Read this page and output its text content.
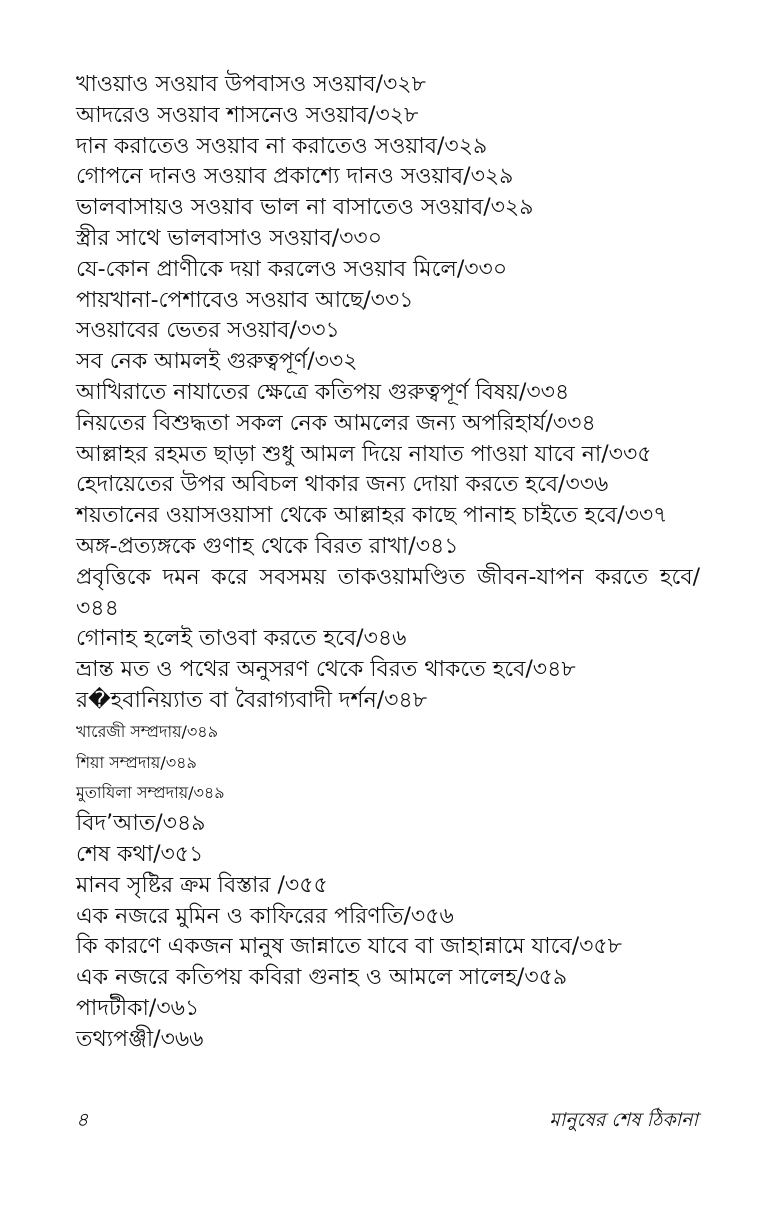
খাওয়াও সওয়াব উপবাসও সওয়াব/৩২৮
আদরেও সওয়াব শাসনেও সওয়াব/৩২৮
দান করাতেও সওয়াব না করাতেও সওয়াব/৩২৯
গোপনে দানও সওয়াব প্রকাশ্যে দানও সওয়াব/৩২৯
ভালবাসায়ও সওয়াব ভাল না বাসাতেও সওয়াব/৩২৯
স্ত্রীর সাথে ভালবাসাও সওয়াব/৩৩০
যে-কোন প্রাণীকে দয়া করলেও সওয়াব মিলে/৩৩০
পায়খানা-পেশাবেও সওয়াব আছে/৩৩১
সওয়াবের ভেতর সওয়াব/৩৩১
সব নেক আমলই গুরুত্বপূর্ণ/৩৩২
আখিরাতে নাযাতের ক্ষেত্রে কতিপয় গুরুত্বপূর্ণ বিষয়/৩৩৪
নিয়তের বিশুদ্ধতা সকল নেক আমলের জন্য অপরিহার্য/৩৩৪
আল্লাহর রহমত ছাড়া শুধু আমল দিয়ে নাযাত পাওয়া যাবে না/৩৩৫
হেদায়েতের উপর অবিচল থাকার জন্য দোয়া করতে হবে/৩৩৬
শয়তানের ওয়াসওয়াসা থেকে আল্লাহর কাছে পানাহ চাইতে হবে/৩৩৭
অঙ্গ-প্রত্যঙ্গকে গুণাহ থেকে বিরত রাখা/৩৪১
প্রবৃত্তিকে দমন করে সবসময় তাকওয়ামণ্ডিত জীবন-যাপন করতে হবে/৩৪৪
গোনাহ হলেই তাওবা করতে হবে/৩৪৬
ভ্রান্ত মত ও পথের অনুসরণ থেকে বিরত থাকতে হবে/৩৪৮
র�হবানিয়্যাত বা বৈরাগ্যবাদী দর্শন/৩৪৮
খারেজী সম্প্রদায়/৩৪৯
শিয়া সম্প্রদায়/৩৪৯
মুতাযিলা সম্প্রদায়/৩৪৯
বিদ’আত/৩৪৯
শেষ কথা/৩৫১
মানব সৃষ্টির ক্রম বিস্তার /৩৫৫
এক নজরে মুমিন ও কাফিরের পরিণতি/৩৫৬
কি কারণে একজন মানুষ জান্নাতে যাবে বা জাহান্নামে যাবে/৩৫৮
এক নজরে কতিপয় কবিরা গুনাহ ও আমলে সালেহ/৩৫৯
পাদটীকা/৩৬১
তথ্যপঞ্জী/৩৬৬
৪	মানুষের শেষ ঠিকানা
